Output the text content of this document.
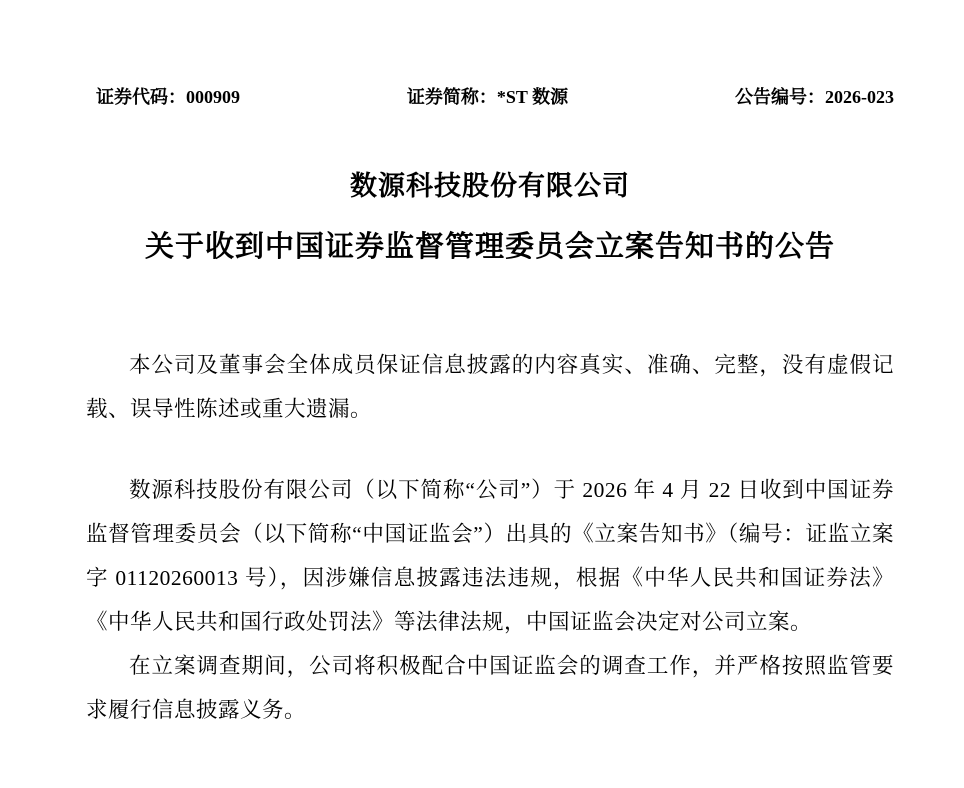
证券代码：000909	证券简称：*ST 数源	公告编号：2026-023
数源科技股份有限公司
关于收到中国证券监督管理委员会立案告知书的公告

本公司及董事会全体成员保证信息披露的内容真实、准确、完整，没有虚假记载、误导性陈述或重大遗漏。

数源科技股份有限公司（以下简称“公司”）于 2026 年 4 月 22 日收到中国证券监督管理委员会（以下简称“中国证监会”）出具的《立案告知书》（编号：证监立案字 01120260013 号），因涉嫌信息披露违法违规，根据《中华人民共和国证券法》《中华人民共和国行政处罚法》等法律法规，中国证监会决定对公司立案。

在立案调查期间，公司将积极配合中国证监会的调查工作，并严格按照监管要求履行信息披露义务。
